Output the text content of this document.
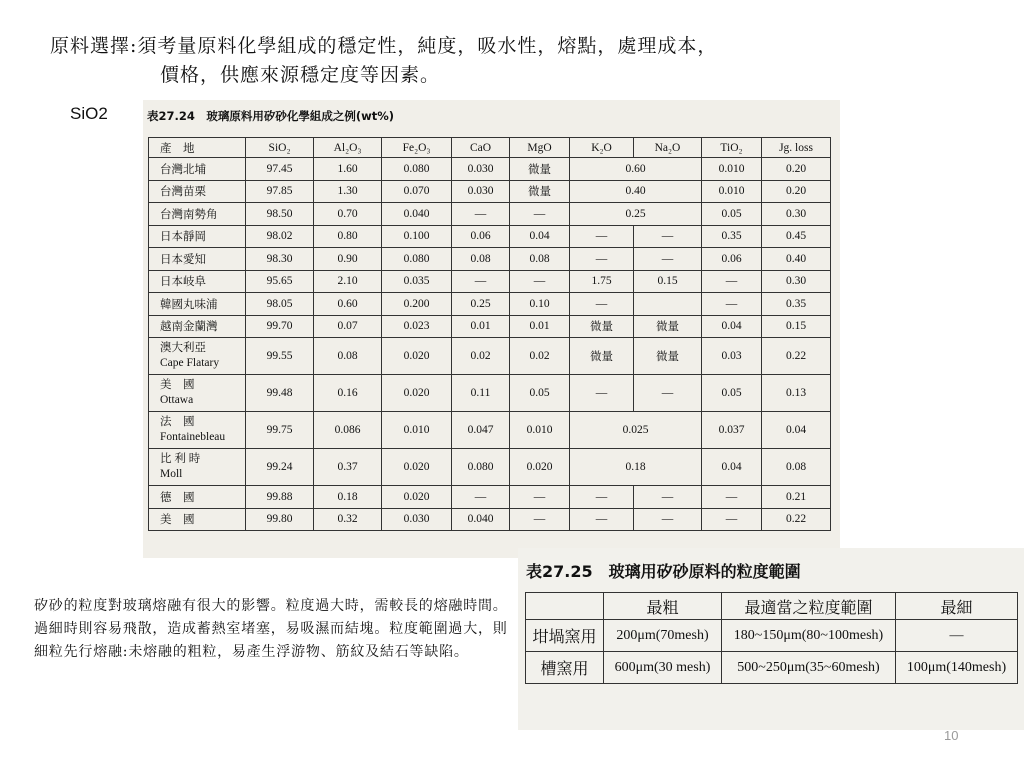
原料選擇:須考量原料化學組成的穩定性，純度，吸水性，熔點，處理成本，
價格，供應來源穩定度等因素。
SiO2	表27.24　玻璃原料用矽砂化學組成之例(wt%)
產　地	SiO₂	Al₂O₃	Fe₂O₃	CaO	MgO	K₂O	Na₂O	TiO₂	Jg. loss

台灣北埔	97.45	1.60	0.080	0.030	微量	0.60		0.010	0.20

台灣苗栗	97.85	1.30	0.070	0.030	微量	0.40		0.010	0.20

台灣南勢角	98.50	0.70	0.040	—	—	0.25		0.05	0.30

日本靜岡	98.02	0.80	0.100	0.06	0.04	—	—	0.35	0.45

日本愛知	98.30	0.90	0.080	0.08	0.08	—	—	0.06	0.40

日本岐阜	95.65	2.10	0.035	—	—	1.75	0.15	—	0.30

韓國丸味浦	98.05	0.60	0.200	0.25	0.10	—		—	0.35

越南金蘭灣	99.70	0.07	0.023	0.01	0.01	微量	微量	0.04	0.15

澳大利亞
Cape Flatary	99.55	0.08	0.020	0.02	0.02	微量	微量	0.03	0.22

美　國
Ottawa	99.48	0.16	0.020	0.11	0.05	—	—	0.05	0.13

法　國
Fontainebleau	99.75	0.086	0.010	0.047	0.010	0.025		0.037	0.04

比 利 時
Moll	99.24	0.37	0.020	0.080	0.020	0.18		0.04	0.08

德　國	99.88	0.18	0.020	—	—	—	—	—	0.21

美　國	99.80	0.32	0.030	0.040	—	—	—	—	0.22
矽砂的粒度對玻璃熔融有很大的影響。粒度過大時，需較長的熔融時間。過細時則容易飛散，造成蓄熱室堵塞，易吸濕而結塊。粒度範圍過大，則細粒先行熔融:未熔融的粗粒，易產生浮游物、筋紋及結石等缺陷。
表27.25　玻璃用矽砂原料的粒度範圍
	最粗	最適當之粒度範圍	最細
坩堝窯用	200μm(70mesh)	180~150μm(80~100mesh)	—
槽窯用	600μm(30 mesh)	500~250μm(35~60mesh)	100μm(140mesh)
10
